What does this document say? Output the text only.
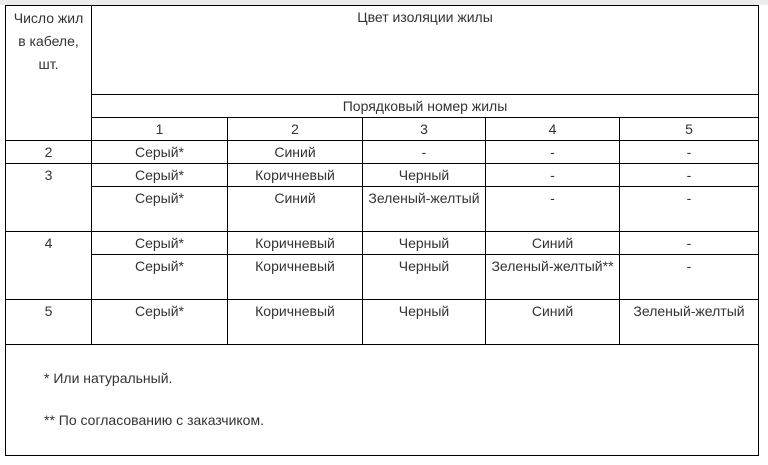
Число жил в кабеле, шт.	Цвет изоляции жилы				
	Порядковый номер жилы				
	1	2	3	4	5
2	Серый*	Синий	-	-	-
3	Серый*	Коричневый	Черный	-	-
	Серый*	Синий	Зеленый-желтый	-	-
4	Серый*	Коричневый	Черный	Синий	-
	Серый*	Коричневый	Черный	Зеленый-желтый**	-
5	Серый*	Коричневый	Черный	Синий	Зеленый-желтый

* Или натуральный.

** По согласованию с заказчиком.					
